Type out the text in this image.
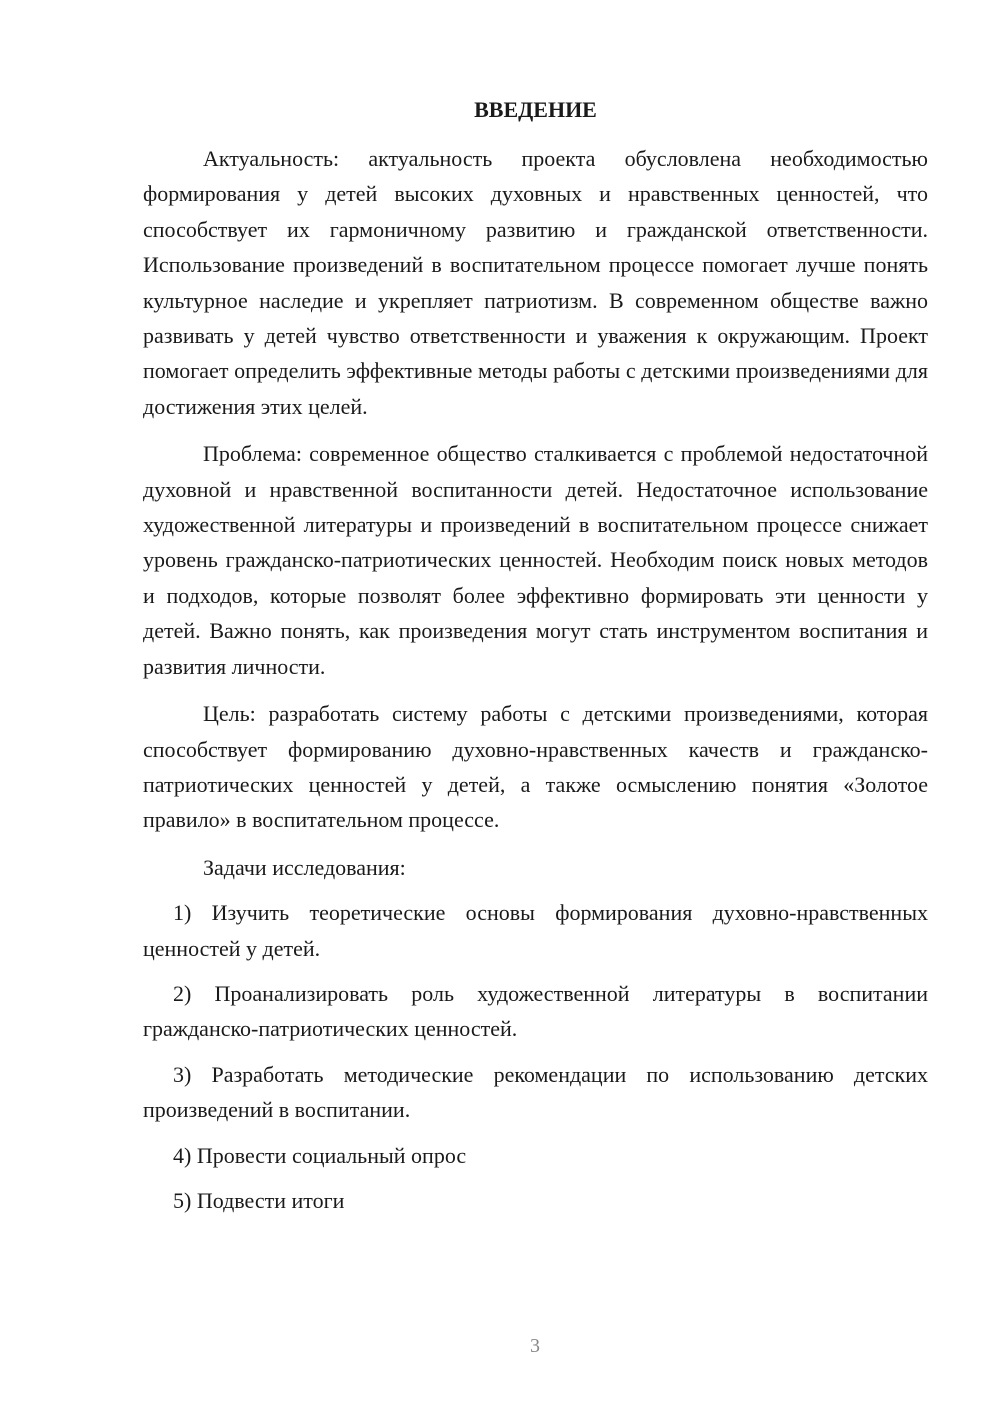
ВВЕДЕНИЕ

Актуальность: актуальность проекта обусловлена необходимостью формирования у детей высоких духовных и нравственных ценностей, что способствует их гармоничному развитию и гражданской ответственности. Использование произведений в воспитательном процессе помогает лучше понять культурное наследие и укрепляет патриотизм. В современном обществе важно развивать у детей чувство ответственности и уважения к окружающим. Проект помогает определить эффективные методы работы с детскими произведениями для достижения этих целей.

Проблема: современное общество сталкивается с проблемой недостаточной духовной и нравственной воспитанности детей. Недостаточное использование художественной литературы и произведений в воспитательном процессе снижает уровень гражданско-патриотических ценностей. Необходим поиск новых методов и подходов, которые позволят более эффективно формировать эти ценности у детей. Важно понять, как произведения могут стать инструментом воспитания и развития личности.

Цель: разработать систему работы с детскими произведениями, которая способствует формированию духовно-нравственных качеств и гражданско-патриотических ценностей у детей, а также осмыслению понятия «Золотое правило» в воспитательном процессе.

Задачи исследования:

1) Изучить теоретические основы формирования духовно-нравственных ценностей у детей.

2) Проанализировать роль художественной литературы в воспитании гражданско-патриотических ценностей.

3) Разработать методические рекомендации по использованию детских произведений в воспитании.

4) Провести социальный опрос

5) Подвести итоги

3
